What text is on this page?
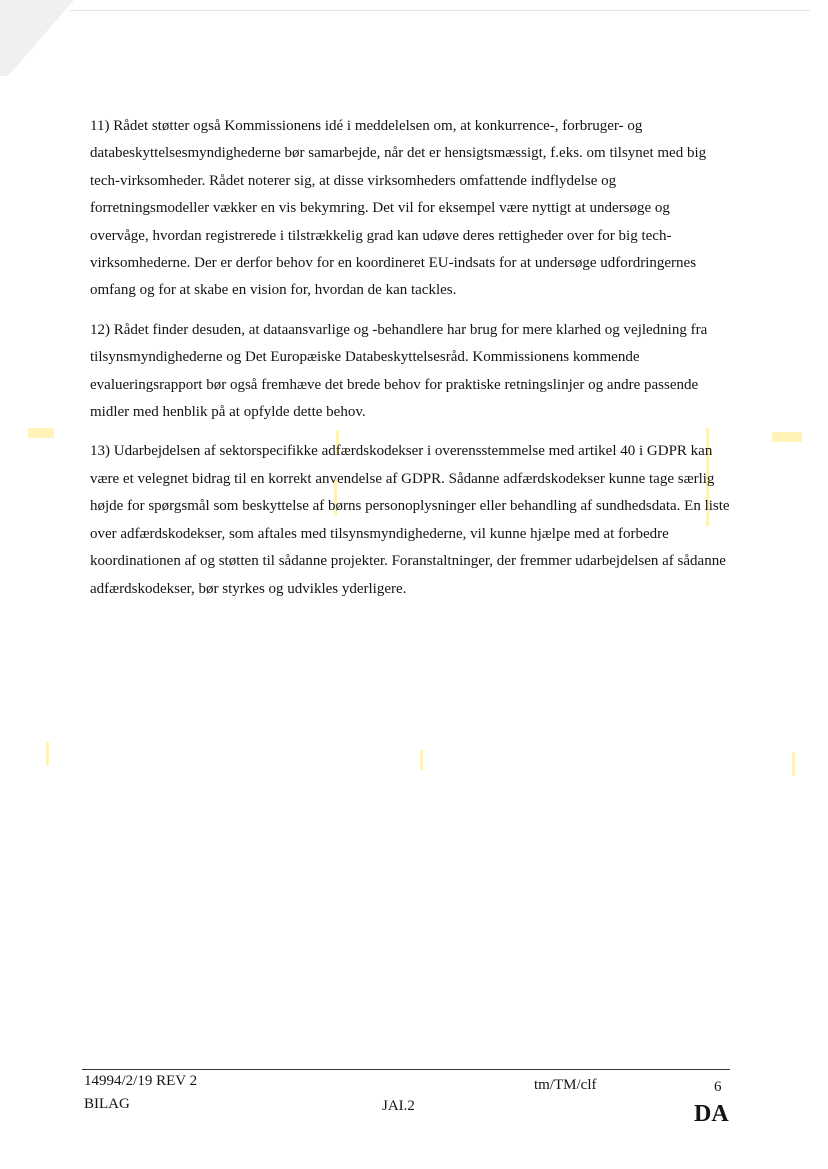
11) Rådet støtter også Kommissionens idé i meddelelsen om, at konkurrence-, forbruger- og databeskyttelsesmyndighederne bør samarbejde, når det er hensigtsmæssigt, f.eks. om tilsynet med big tech-virksomheder. Rådet noterer sig, at disse virksomheders omfattende indflydelse og forretningsmodeller vækker en vis bekymring. Det vil for eksempel være nyttigt at undersøge og overvåge, hvordan registrerede i tilstrækkelig grad kan udøve deres rettigheder over for big tech-virksomhederne. Der er derfor behov for en koordineret EU-indsats for at undersøge udfordringernes omfang og for at skabe en vision for, hvordan de kan tackles.

12) Rådet finder desuden, at dataansvarlige og -behandlere har brug for mere klarhed og vejledning fra tilsynsmyndighederne og Det Europæiske Databeskyttelsesråd. Kommissionens kommende evalueringsrapport bør også fremhæve det brede behov for praktiske retningslinjer og andre passende midler med henblik på at opfylde dette behov.

13) Udarbejdelsen af sektorspecifikke adfærdskodekser i overensstemmelse med artikel 40 i GDPR kan være et velegnet bidrag til en korrekt anvendelse af GDPR. Sådanne adfærdskodekser kunne tage særlig højde for spørgsmål som beskyttelse af børns personoplysninger eller behandling af sundhedsdata. En liste over adfærdskodekser, som aftales med tilsynsmyndighederne, vil kunne hjælpe med at forbedre koordinationen af og støtten til sådanne projekter. Foranstaltninger, der fremmer udarbejdelsen af sådanne adfærdskodekser, bør styrkes og udvikles yderligere.

14994/2/19 REV 2
BILAG	JAI.2
tm/TM/clf	6
DA
